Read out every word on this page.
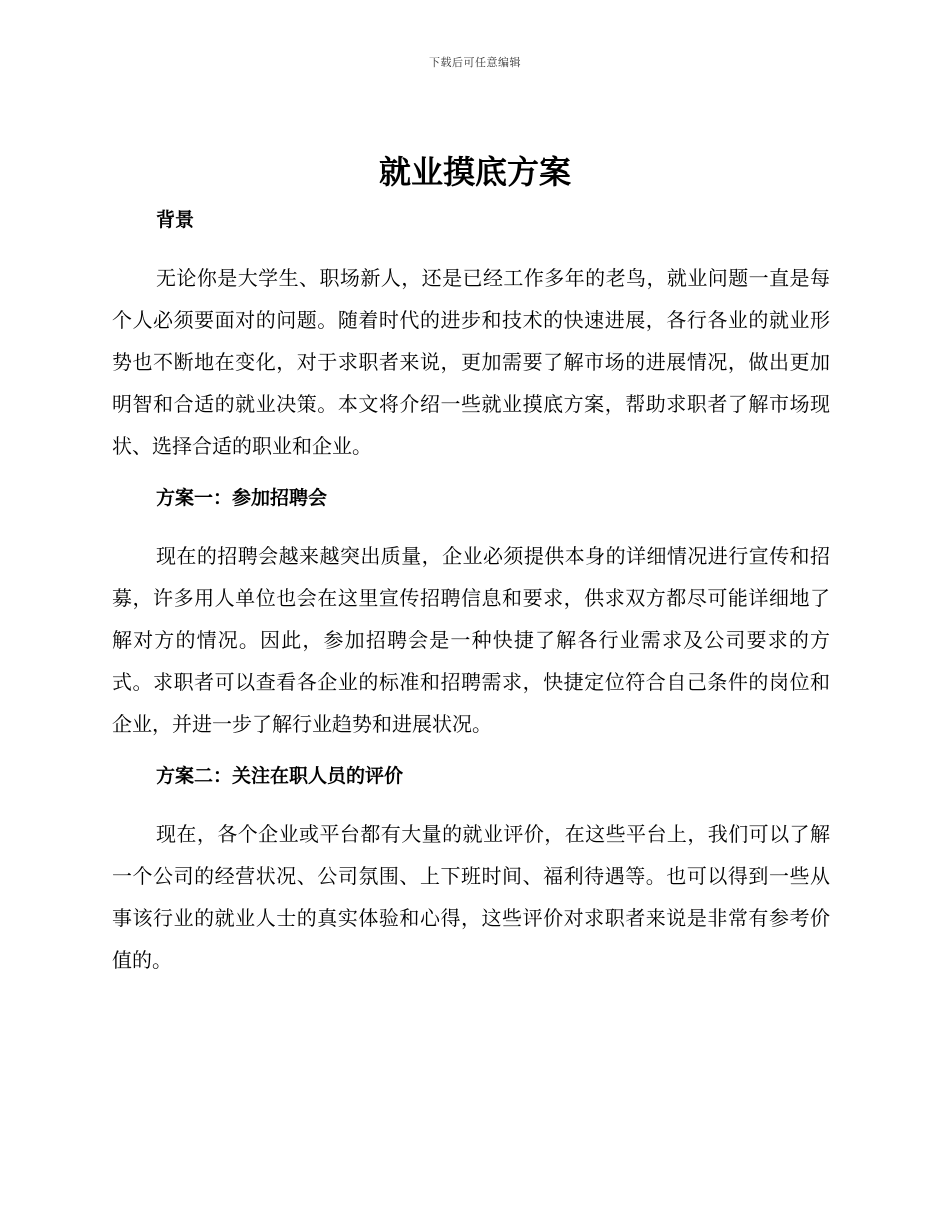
下载后可任意编辑
就业摸底方案
背景

无论你是大学生、职场新人，还是已经工作多年的老鸟，就业问题一直是每个人必须要面对的问题。随着时代的进步和技术的快速进展，各行各业的就业形势也不断地在变化，对于求职者来说，更加需要了解市场的进展情况，做出更加明智和合适的就业决策。本文将介绍一些就业摸底方案，帮助求职者了解市场现状、选择合适的职业和企业。

方案一：参加招聘会

现在的招聘会越来越突出质量，企业必须提供本身的详细情况进行宣传和招募，许多用人单位也会在这里宣传招聘信息和要求，供求双方都尽可能详细地了解对方的情况。因此，参加招聘会是一种快捷了解各行业需求及公司要求的方式。求职者可以查看各企业的标准和招聘需求，快捷定位符合自己条件的岗位和企业，并进一步了解行业趋势和进展状况。

方案二：关注在职人员的评价

现在，各个企业或平台都有大量的就业评价，在这些平台上，我们可以了解一个公司的经营状况、公司氛围、上下班时间、福利待遇等。也可以得到一些从事该行业的就业人士的真实体验和心得，这些评价对求职者来说是非常有参考价值的。
